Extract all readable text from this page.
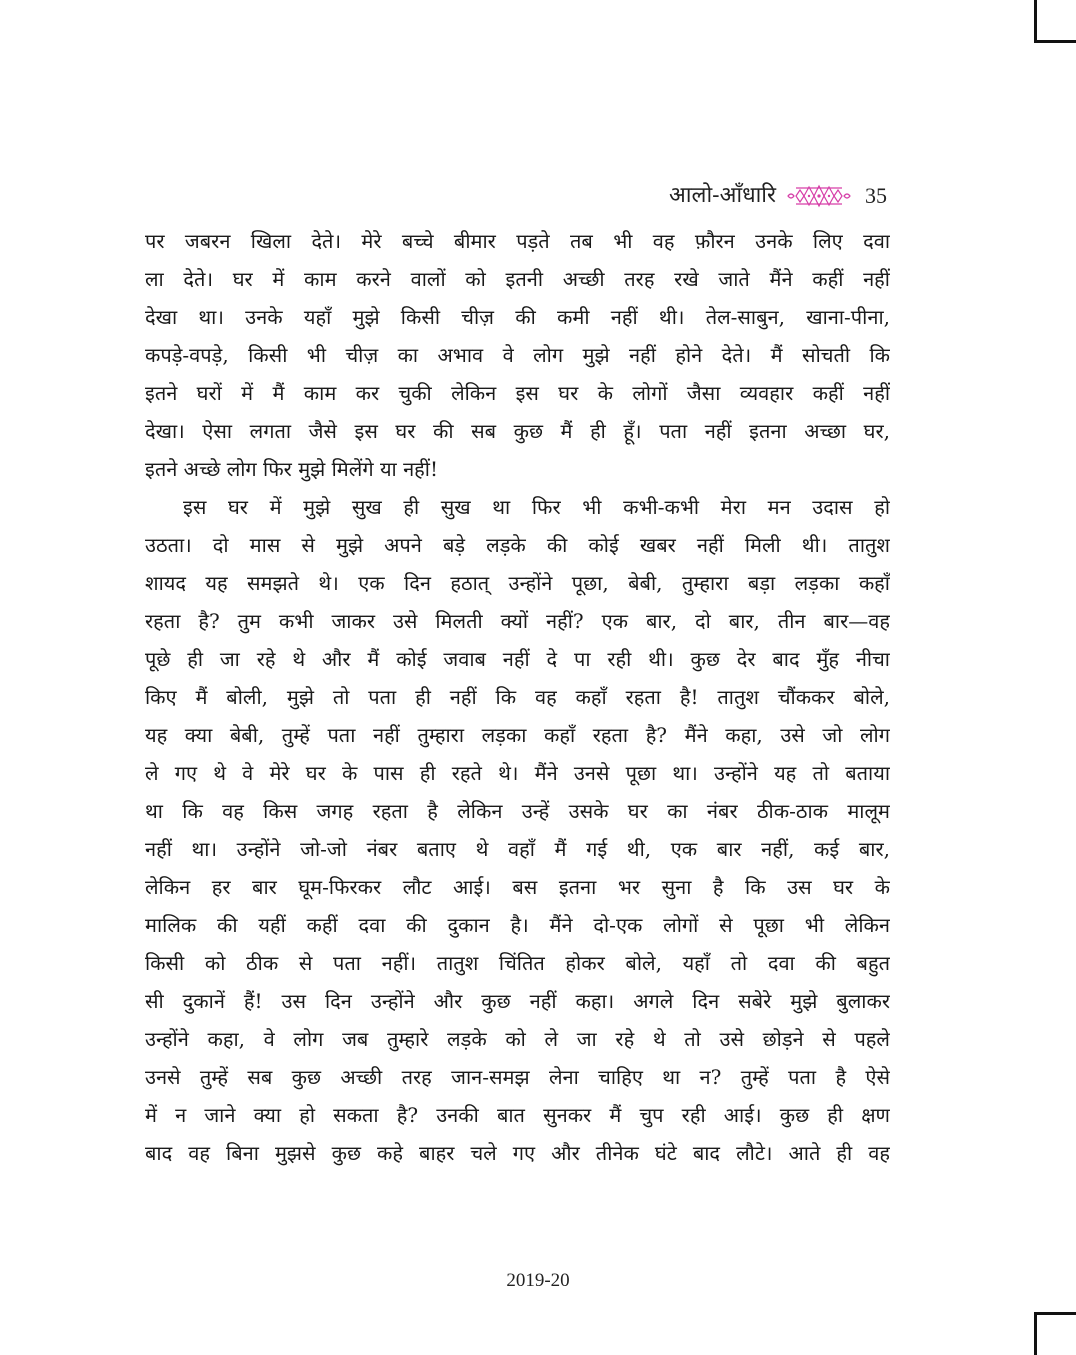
आलो-आँधारि	35
पर जबरन खिला देते। मेरे बच्चे बीमार पड़ते तब भी वह फ़ौरन उनके लिए दवा
ला देते। घर में काम करने वालों को इतनी अच्छी तरह रखे जाते मैंने कहीं नहीं
देखा था। उनके यहाँ मुझे किसी चीज़ की कमी नहीं थी। तेल-साबुन, खाना-पीना,
कपड़े-वपड़े, किसी भी चीज़ का अभाव वे लोग मुझे नहीं होने देते। मैं सोचती कि
इतने घरों में मैं काम कर चुकी लेकिन इस घर के लोगों जैसा व्यवहार कहीं नहीं
देखा। ऐसा लगता जैसे इस घर की सब कुछ मैं ही हूँ। पता नहीं इतना अच्छा घर,
इतने अच्छे लोग फिर मुझे मिलेंगे या नहीं!
इस घर में मुझे सुख ही सुख था फिर भी कभी-कभी मेरा मन उदास हो
उठता। दो मास से मुझे अपने बड़े लड़के की कोई खबर नहीं मिली थी। तातुश
शायद यह समझते थे। एक दिन हठात् उन्होंने पूछा, बेबी, तुम्हारा बड़ा लड़का कहाँ
रहता है? तुम कभी जाकर उसे मिलती क्यों नहीं? एक बार, दो बार, तीन बार—वह
पूछे ही जा रहे थे और मैं कोई जवाब नहीं दे पा रही थी। कुछ देर बाद मुँह नीचा
किए मैं बोली, मुझे तो पता ही नहीं कि वह कहाँ रहता है! तातुश चौंककर बोले,
यह क्या बेबी, तुम्हें पता नहीं तुम्हारा लड़का कहाँ रहता है? मैंने कहा, उसे जो लोग
ले गए थे वे मेरे घर के पास ही रहते थे। मैंने उनसे पूछा था। उन्होंने यह तो बताया
था कि वह किस जगह रहता है लेकिन उन्हें उसके घर का नंबर ठीक-ठाक मालूम
नहीं था। उन्होंने जो-जो नंबर बताए थे वहाँ मैं गई थी, एक बार नहीं, कई बार,
लेकिन हर बार घूम-फिरकर लौट आई। बस इतना भर सुना है कि उस घर के
मालिक की यहीं कहीं दवा की दुकान है। मैंने दो-एक लोगों से पूछा भी लेकिन
किसी को ठीक से पता नहीं। तातुश चिंतित होकर बोले, यहाँ तो दवा की बहुत
सी दुकानें हैं! उस दिन उन्होंने और कुछ नहीं कहा। अगले दिन सबेरे मुझे बुलाकर
उन्होंने कहा, वे लोग जब तुम्हारे लड़के को ले जा रहे थे तो उसे छोड़ने से पहले
उनसे तुम्हें सब कुछ अच्छी तरह जान-समझ लेना चाहिए था न? तुम्हें पता है ऐसे
में न जाने क्या हो सकता है? उनकी बात सुनकर मैं चुप रही आई। कुछ ही क्षण
बाद वह बिना मुझसे कुछ कहे बाहर चले गए और तीनेक घंटे बाद लौटे। आते ही वह
2019-20
